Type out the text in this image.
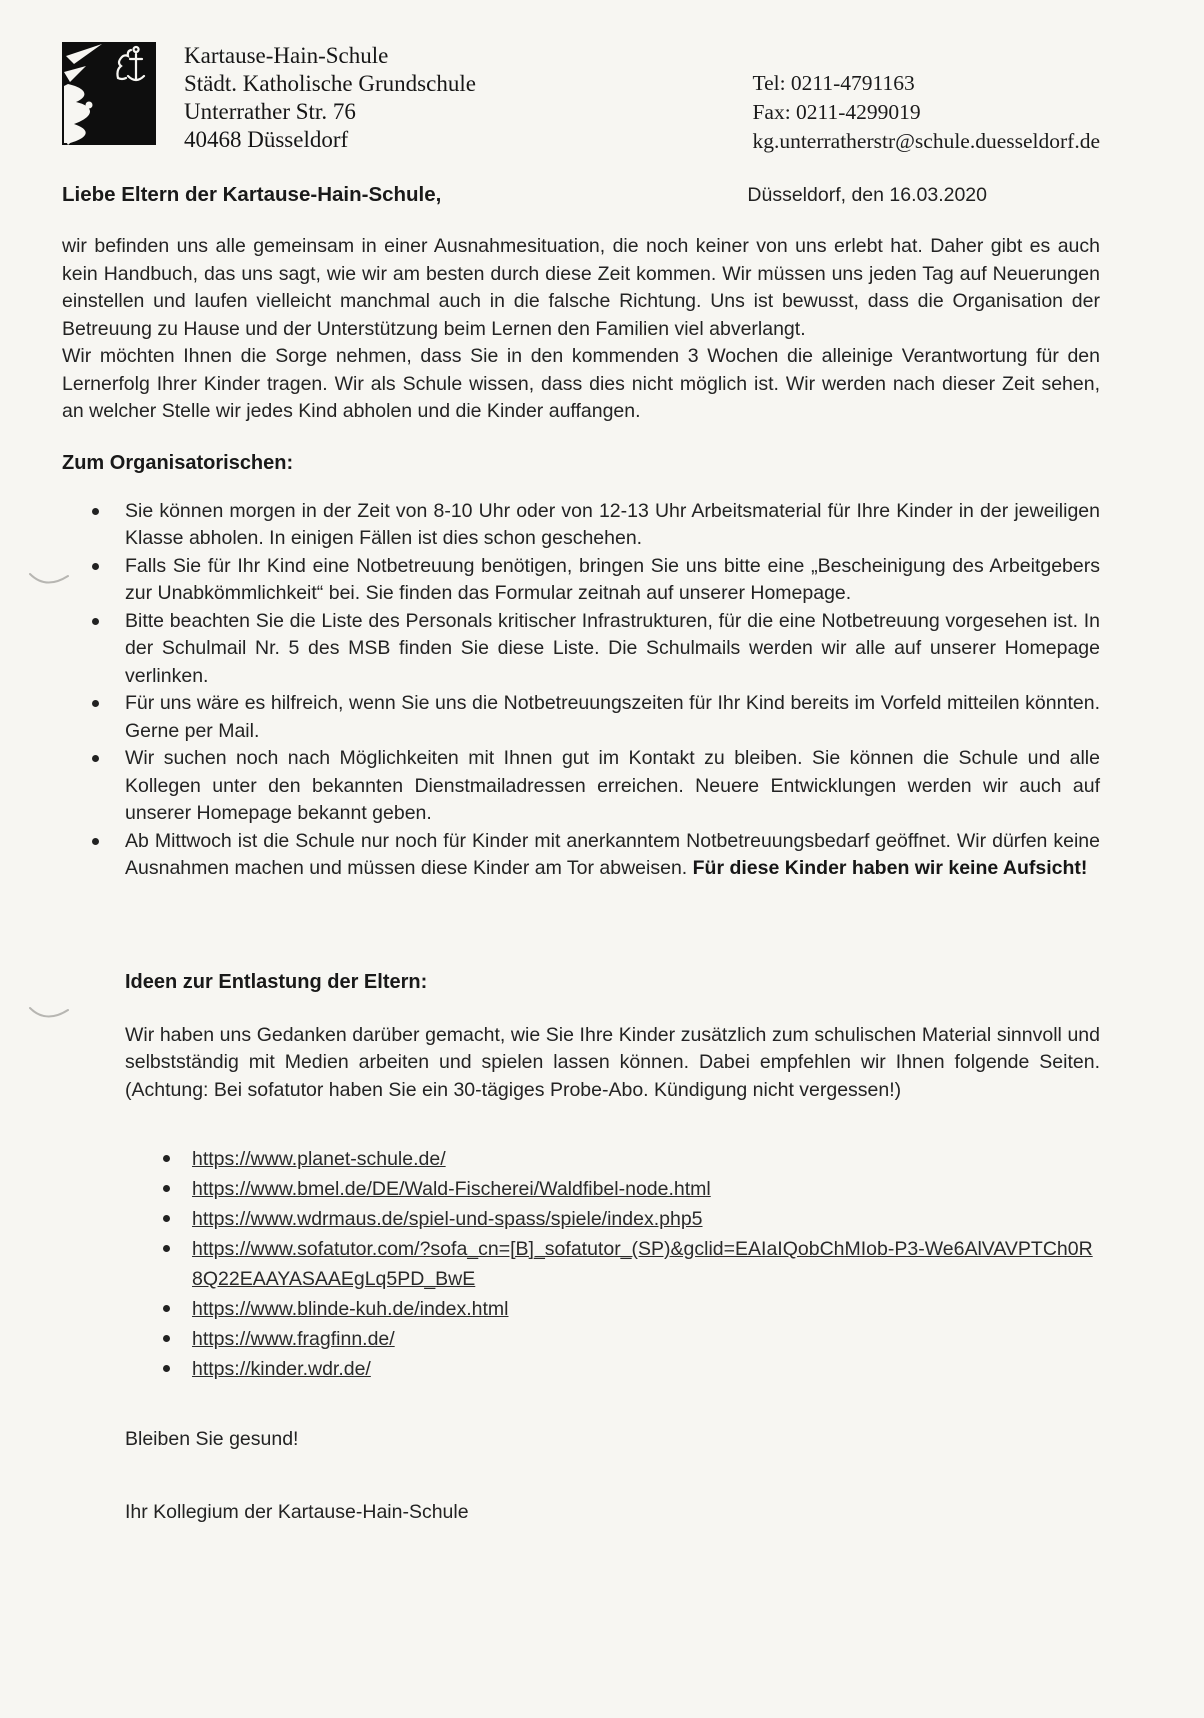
Kartause-Hain-Schule
Städt. Katholische Grundschule
Unterrather Str. 76
40468 Düsseldorf
Tel: 0211-4791163
Fax: 0211-4299019
kg.unterratherstr@schule.duesseldorf.de
Liebe Eltern der Kartause-Hain-Schule,	Düsseldorf, den 16.03.2020

wir befinden uns alle gemeinsam in einer Ausnahmesituation, die noch keiner von uns erlebt hat. Daher gibt es auch kein Handbuch, das uns sagt, wie wir am besten durch diese Zeit kommen. Wir müssen uns jeden Tag auf Neuerungen einstellen und laufen vielleicht manchmal auch in die falsche Richtung. Uns ist bewusst, dass die Organisation der Betreuung zu Hause und der Unterstützung beim Lernen den Familien viel abverlangt.

Wir möchten Ihnen die Sorge nehmen, dass Sie in den kommenden 3 Wochen die alleinige Verantwortung für den Lernerfolg Ihrer Kinder tragen. Wir als Schule wissen, dass dies nicht möglich ist. Wir werden nach dieser Zeit sehen, an welcher Stelle wir jedes Kind abholen und die Kinder auffangen.

Zum Organisatorischen:
Sie können morgen in der Zeit von 8-10 Uhr oder von 12-13 Uhr Arbeitsmaterial für Ihre Kinder in der jeweiligen Klasse abholen. In einigen Fällen ist dies schon geschehen.
Falls Sie für Ihr Kind eine Notbetreuung benötigen, bringen Sie uns bitte eine „Bescheinigung des Arbeitgebers zur Unabkömmlichkeit“ bei. Sie finden das Formular zeitnah auf unserer Homepage.
Bitte beachten Sie die Liste des Personals kritischer Infrastrukturen, für die eine Notbetreuung vorgesehen ist. In der Schulmail Nr. 5 des MSB finden Sie diese Liste. Die Schulmails werden wir alle auf unserer Homepage verlinken.
Für uns wäre es hilfreich, wenn Sie uns die Notbetreuungszeiten für Ihr Kind bereits im Vorfeld mitteilen könnten. Gerne per Mail.
Wir suchen noch nach Möglichkeiten mit Ihnen gut im Kontakt zu bleiben. Sie können die Schule und alle Kollegen unter den bekannten Dienstmailadressen erreichen. Neuere Entwicklungen werden wir auch auf unserer Homepage bekannt geben.
Ab Mittwoch ist die Schule nur noch für Kinder mit anerkanntem Notbetreuungsbedarf geöffnet. Wir dürfen keine Ausnahmen machen und müssen diese Kinder am Tor abweisen. Für diese Kinder haben wir keine Aufsicht!
Ideen zur Entlastung der Eltern:

Wir haben uns Gedanken darüber gemacht, wie Sie Ihre Kinder zusätzlich zum schulischen Material sinnvoll und selbstständig mit Medien arbeiten und spielen lassen können. Dabei empfehlen wir Ihnen folgende Seiten. (Achtung: Bei sofatutor haben Sie ein 30-tägiges Probe-Abo. Kündigung nicht vergessen!)

https://www.planet-schule.de/
https://www.bmel.de/DE/Wald-Fischerei/Waldfibel-node.html
https://www.wdrmaus.de/spiel-und-spass/spiele/index.php5
https://www.sofatutor.com/?sofa_cn=[B]_sofatutor_(SP)&gclid=EAIaIQobChMIob-P3-We6AlVAVPTCh0R8Q22EAAYASAAEgLq5PD_BwE
https://www.blinde-kuh.de/index.html
https://www.fragfinn.de/
https://kinder.wdr.de/
Bleiben Sie gesund!
Ihr Kollegium der Kartause-Hain-Schule
